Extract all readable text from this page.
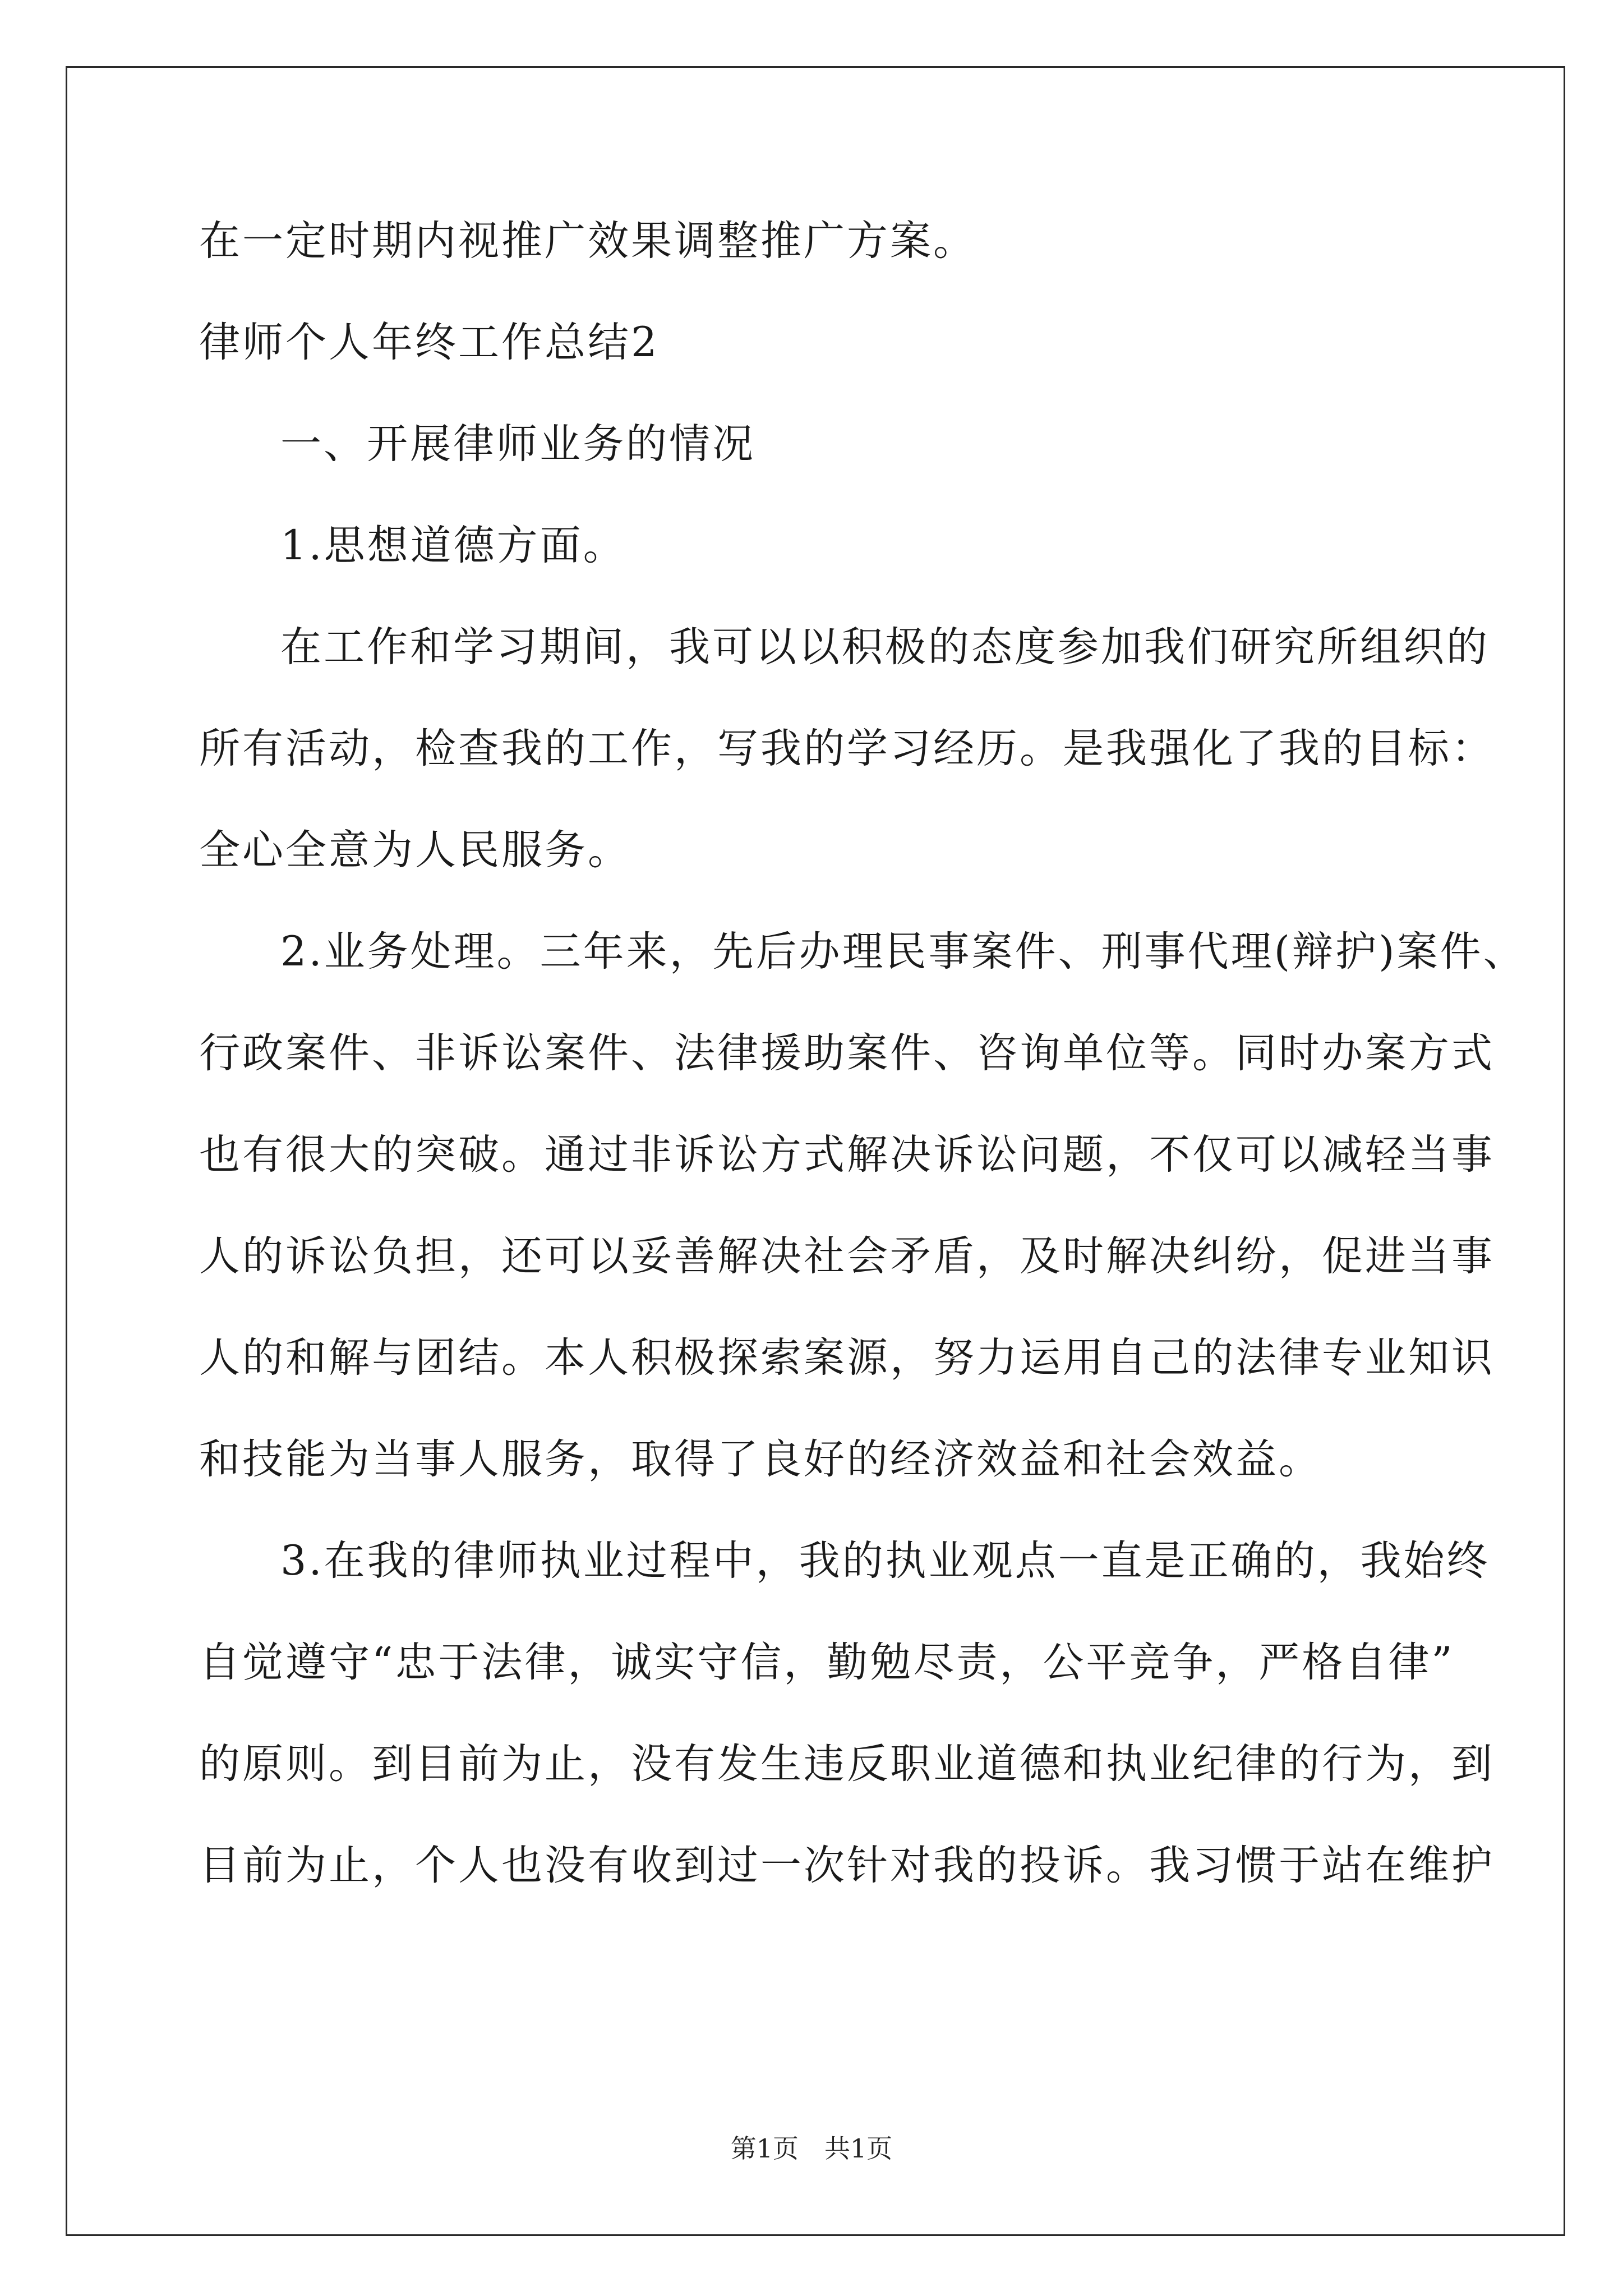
在一定时期内视推广效果调整推广方案。
律师个人年终工作总结2
一、开展律师业务的情况
1.思想道德方面。
在工作和学习期间，我可以以积极的态度参加我们研究所组织的
所有活动，检查我的工作，写我的学习经历。是我强化了我的目标：
全心全意为人民服务。
2.业务处理。三年来，先后办理民事案件、刑事代理(辩护)案件、
行政案件、非诉讼案件、法律援助案件、咨询单位等。同时办案方式
也有很大的突破。通过非诉讼方式解决诉讼问题，不仅可以减轻当事
人的诉讼负担，还可以妥善解决社会矛盾，及时解决纠纷，促进当事
人的和解与团结。本人积极探索案源，努力运用自己的法律专业知识
和技能为当事人服务，取得了良好的经济效益和社会效益。
3.在我的律师执业过程中，我的执业观点一直是正确的，我始终
自觉遵守“忠于法律，诚实守信，勤勉尽责，公平竞争，严格自律”
的原则。到目前为止，没有发生违反职业道德和执业纪律的行为，到
目前为止，个人也没有收到过一次针对我的投诉。我习惯于站在维护
第1页　共1页
